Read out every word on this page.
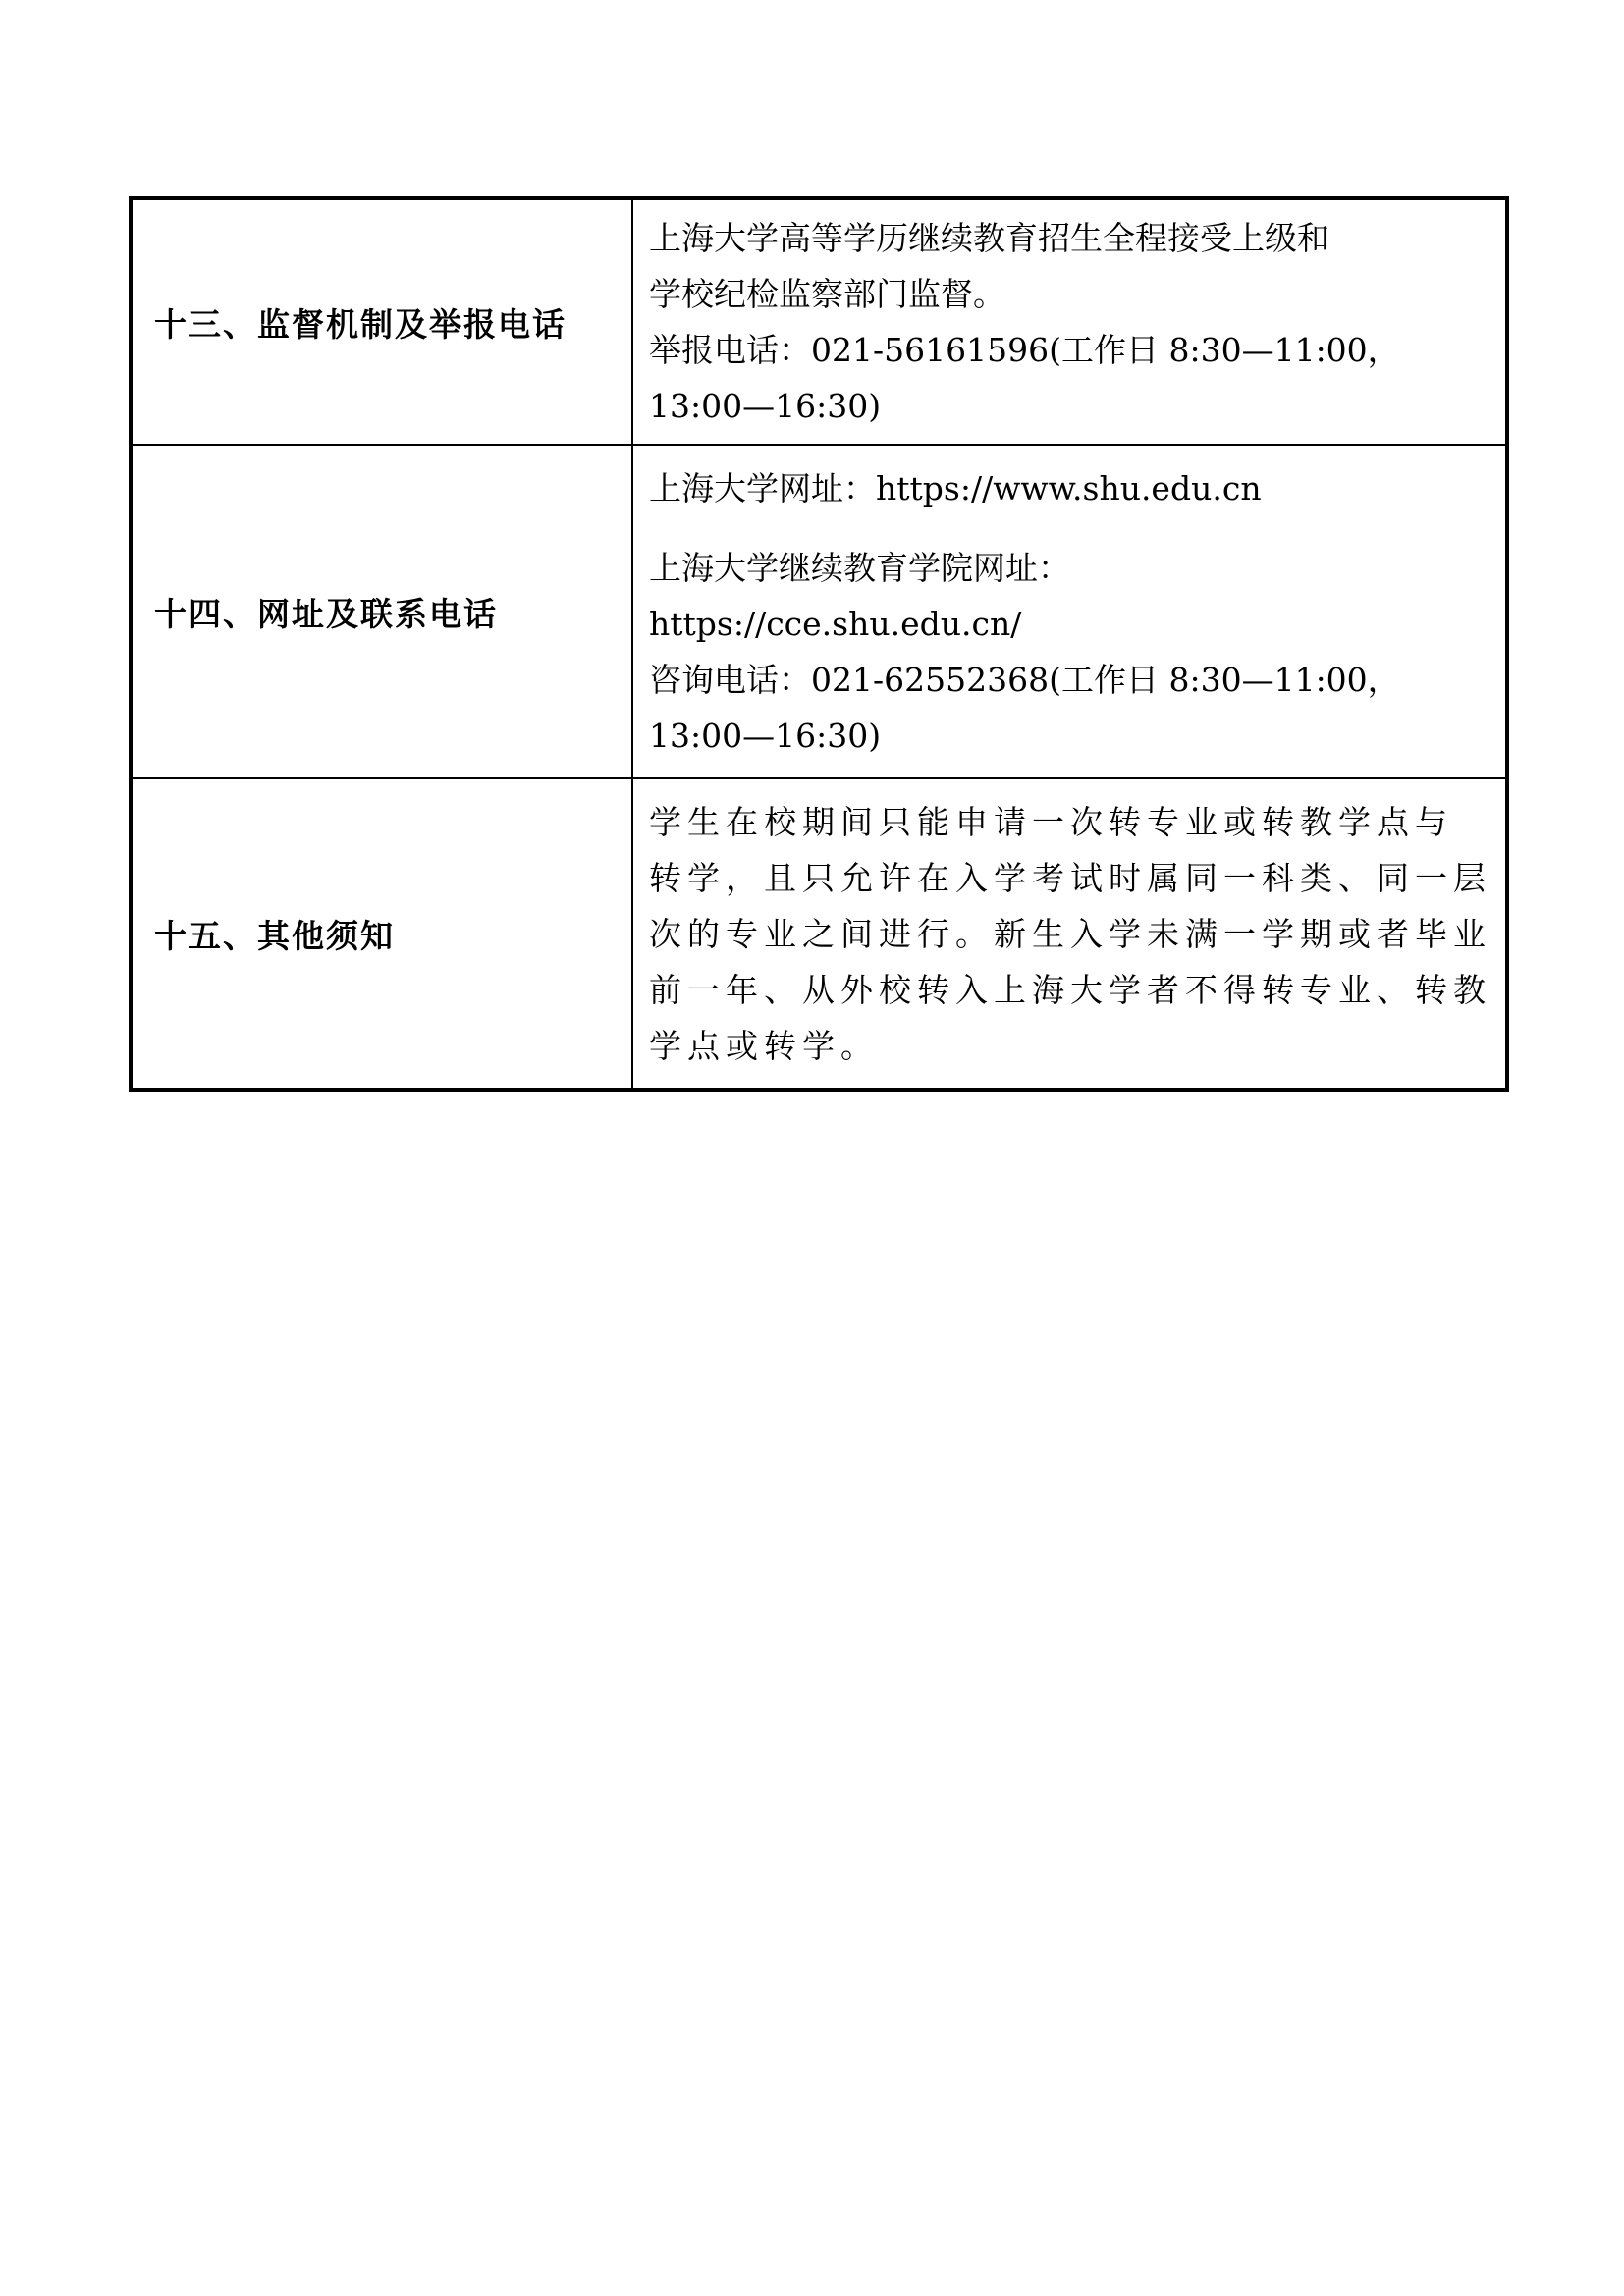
十三、监督机制及举报电话	上海大学高等学历继续教育招生全程接受上级和
学校纪检监察部门监督。
举报电话：021-56161596(工作日 8:30—11:00，
13:00—16:30)

十四、网址及联系电话	上海大学网址：https://www.shu.edu.cn
上海大学继续教育学院网址：
https://cce.shu.edu.cn/
咨询电话：021-62552368(工作日 8:30—11:00，
13:00—16:30)

十五、其他须知	学生在校期间只能申请一次转专业或转教学点与
转学，且只允许在入学考试时属同一科类、同一层
次的专业之间进行。新生入学未满一学期或者毕业
前一年、从外校转入上海大学者不得转专业、转教
学点或转学。
